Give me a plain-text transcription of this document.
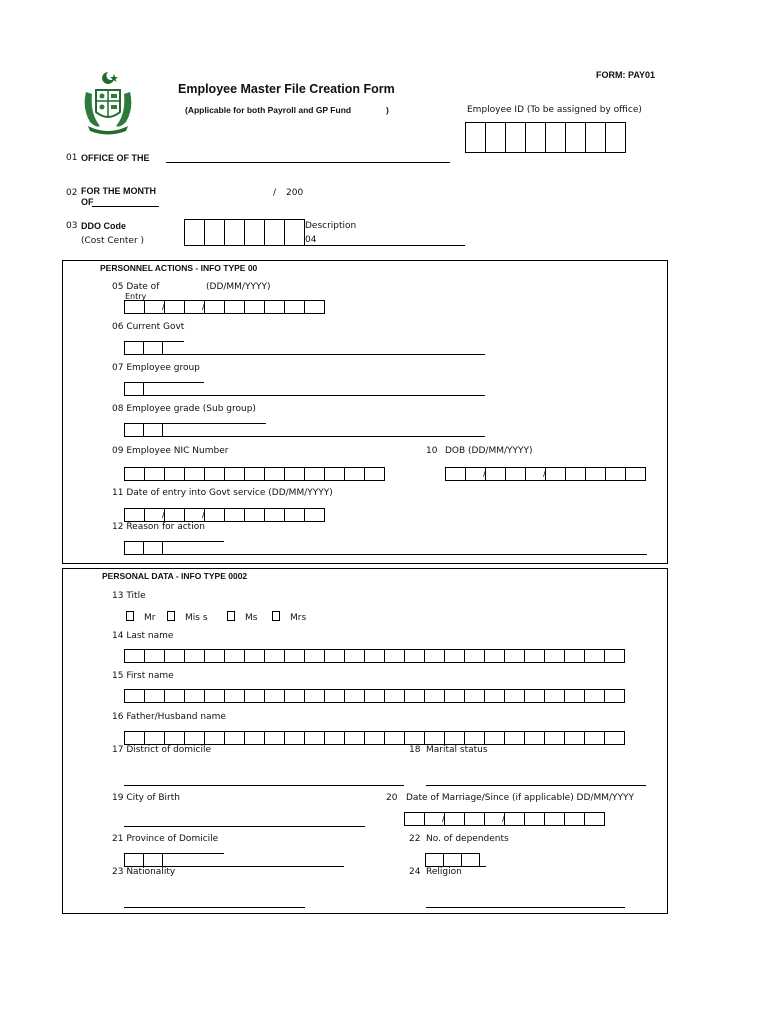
Employee Master File Creation Form
(Applicable for both Payroll and GP Fund	)
FORM: PAY01
Employee ID (To be assigned by office)
01 OFFICE OF THE
02 FOR THE MONTH
OF
/ 200
03 DDO Code
(Cost Center )
Description
04
PERSONNEL ACTIONS - INFO TYPE 00
05 Date of
Entry
(DD/MM/YYYY)
/	/
06 Current Govt
07 Employee group
08 Employee grade (Sub group)
09 Employee NIC Number	10 DOB (DD/MM/YYYY)
/	/
11 Date of entry into Govt service (DD/MM/YYYY)
/	/
12 Reason for action
PERSONAL DATA - INFO TYPE 0002
13 Title
Mr	Mis s	Ms	Mrs
14 Last name
15 First name
16 Father/Husband name
17 District of domicile	18 Marital status
19 City of Birth	20 Date of Marriage/Since (if applicable) DD/MM/YYYY
/	/
21 Province of Domicile	22 No. of dependents
23 Nationality	24 Religion
